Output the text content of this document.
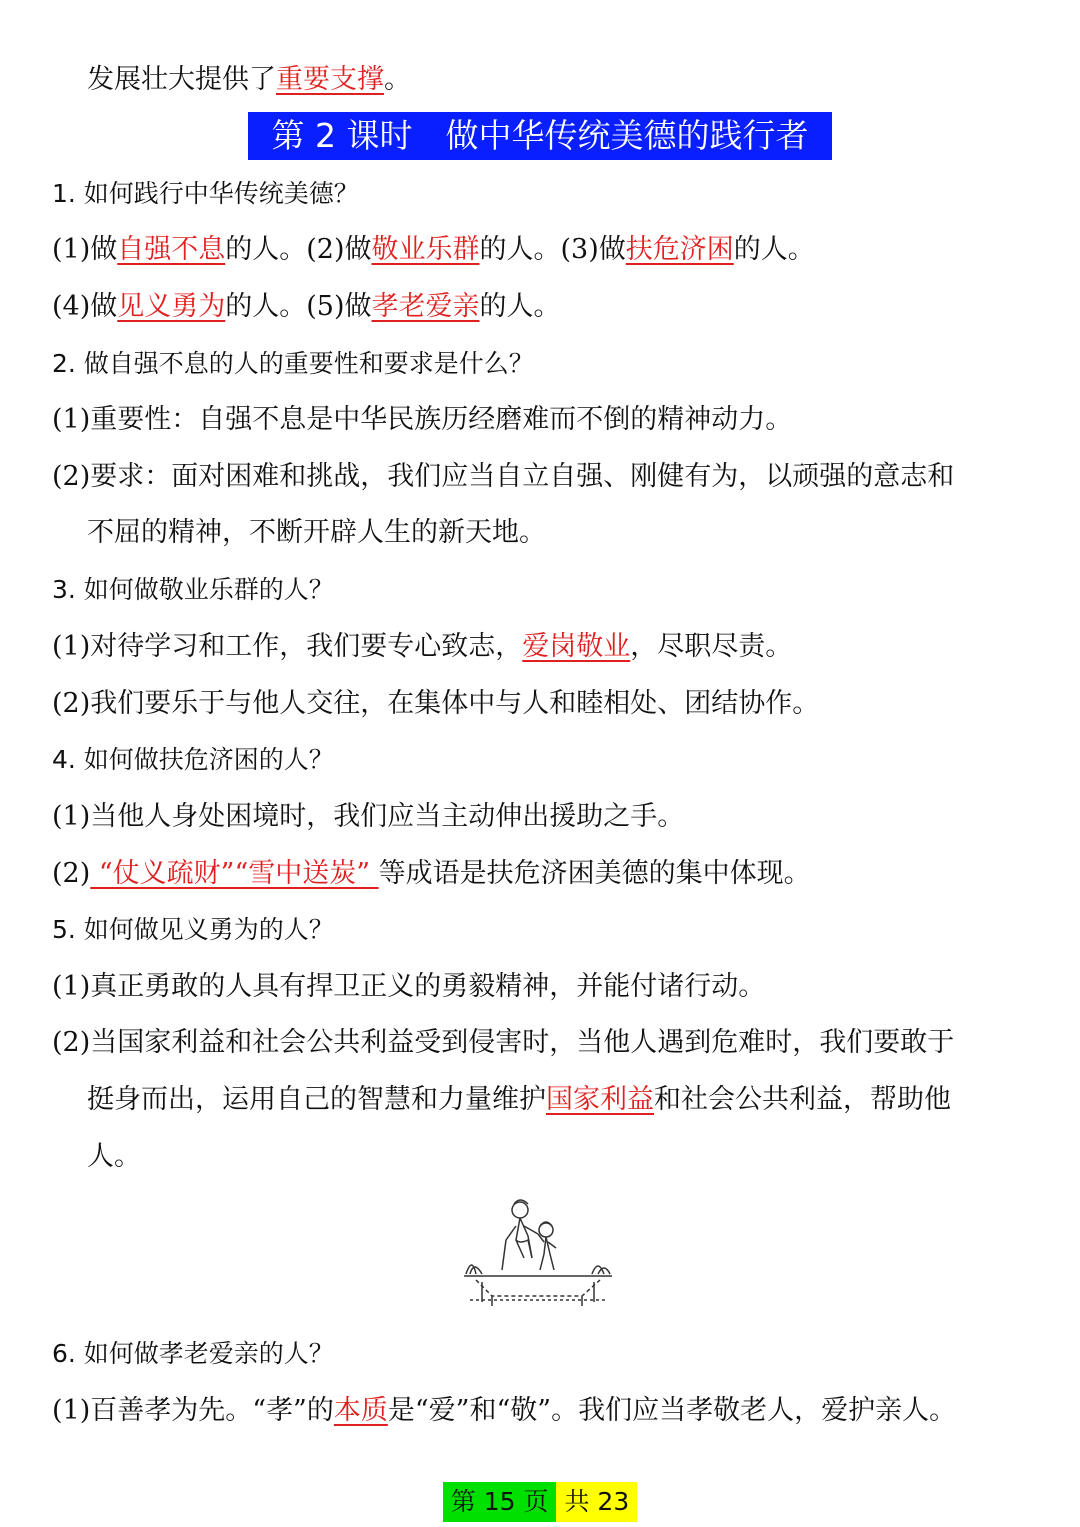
发展壮大提供了重要支撑。
第 2 课时　做中华传统美德的践行者
1. 如何践行中华传统美德？
(1)做自强不息的人。(2)做敬业乐群的人。(3)做扶危济困的人。
(4)做见义勇为的人。(5)做孝老爱亲的人。
2. 做自强不息的人的重要性和要求是什么？
(1)重要性：自强不息是中华民族历经磨难而不倒的精神动力。
(2)要求：面对困难和挑战，我们应当自立自强、刚健有为，以顽强的意志和
不屈的精神，不断开辟人生的新天地。
3. 如何做敬业乐群的人？
(1)对待学习和工作，我们要专心致志，爱岗敬业，尽职尽责。
(2)我们要乐于与他人交往，在集体中与人和睦相处、团结协作。
4. 如何做扶危济困的人？
(1)当他人身处困境时，我们应当主动伸出援助之手。
(2) “仗义疏财”“雪中送炭” 等成语是扶危济困美德的集中体现。
5. 如何做见义勇为的人？
(1)真正勇敢的人具有捍卫正义的勇毅精神，并能付诸行动。
(2)当国家利益和社会公共利益受到侵害时，当他人遇到危难时，我们要敢于
挺身而出，运用自己的智慧和力量维护国家利益和社会公共利益，帮助他
人。
6. 如何做孝老爱亲的人？
(1)百善孝为先。“孝”的本质是“爱”和“敬”。我们应当孝敬老人，爱护亲人。
第 15 页 共 23
